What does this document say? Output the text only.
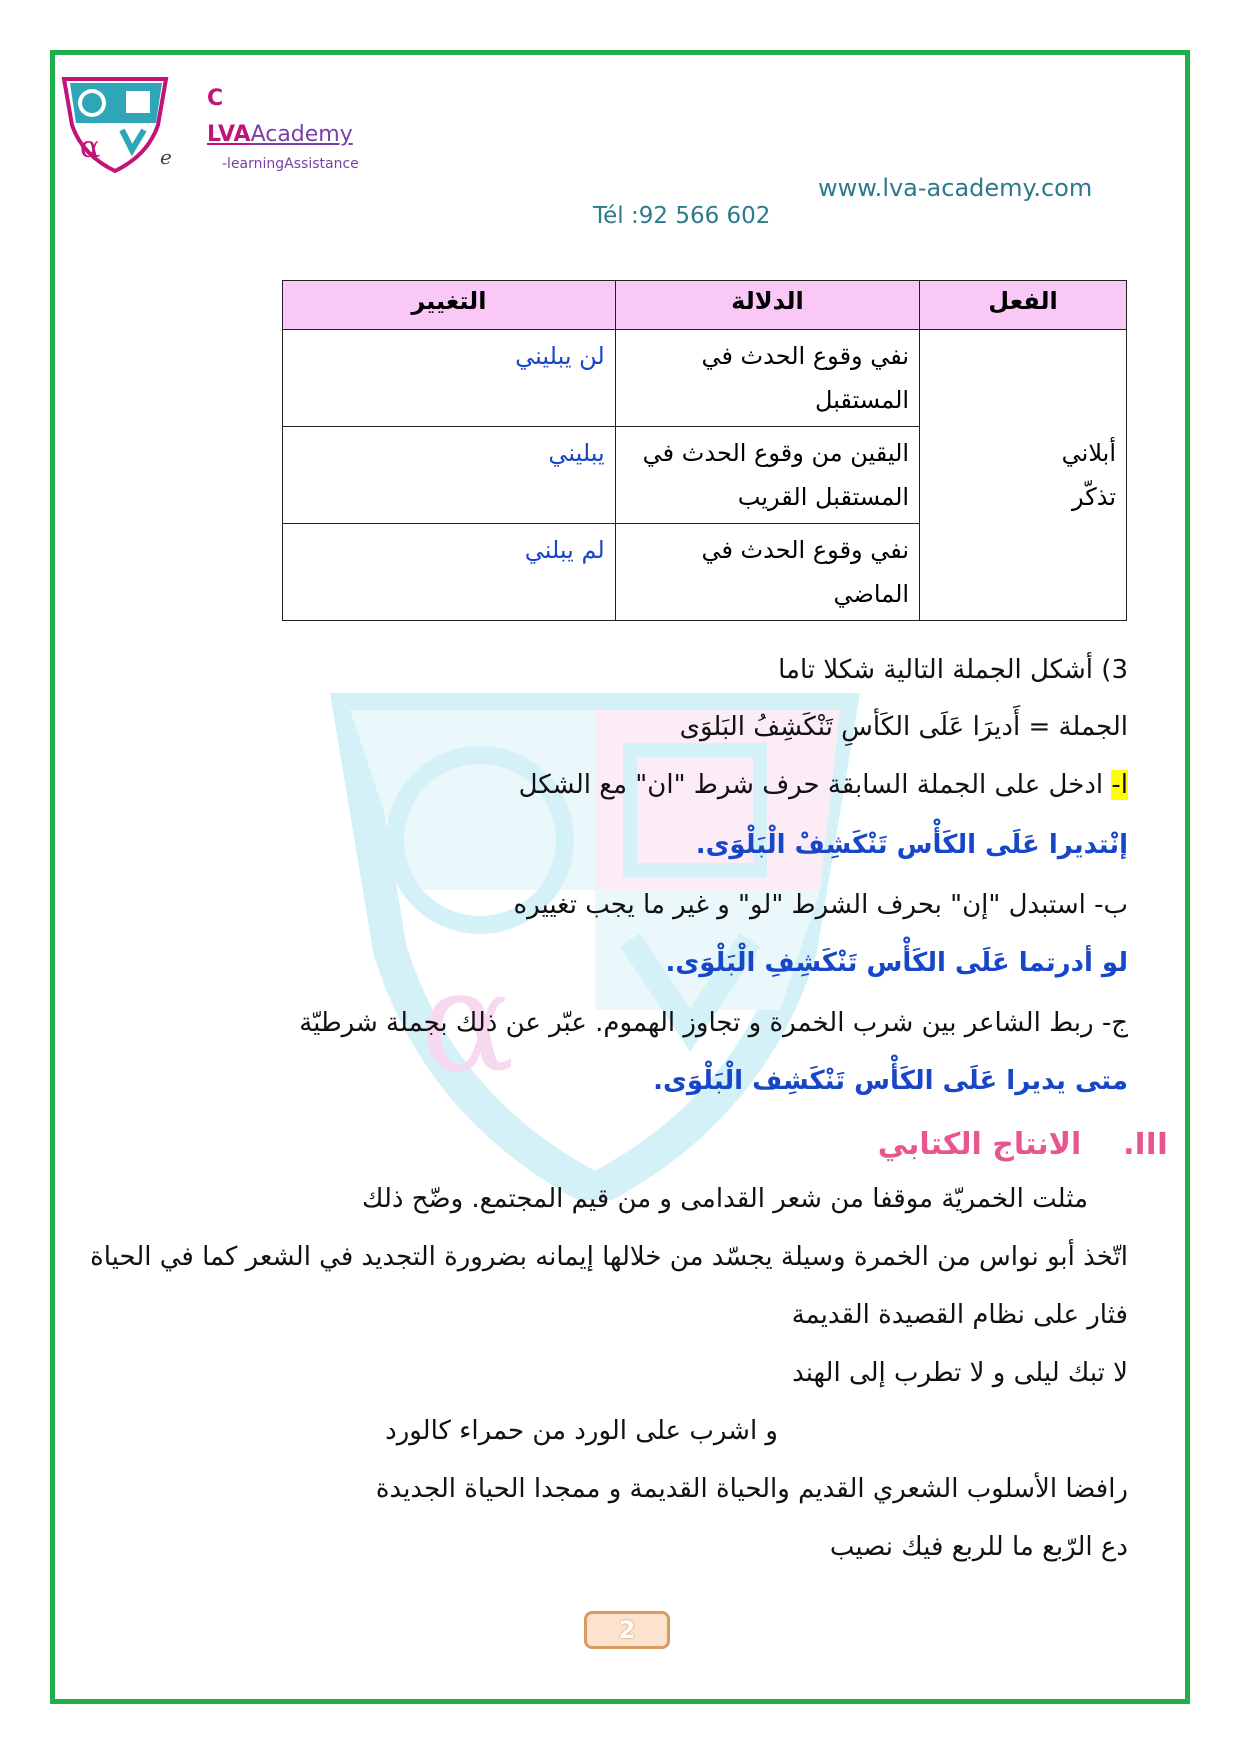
α
α	e
C
LVAAcademy
-learningAssistance
www.lva-academy.com
Tél :92 566 602
الفعل	الدلالة	التغيير

أبلاني
تذكّر	نفي وقوع الحدث في المستقبل	لن يبليني
	اليقين من وقوع الحدث في المستقبل القريب	يبليني
	نفي وقوع الحدث في الماضي	لم يبلني
3) أشكل الجملة التالية شكلا تاما
الجملة = أَديرَا عَلَى الكَأسِ تَنْكَشِفُ البَلوَى
ا- ادخل على الجملة السابقة حرف شرط "ان" مع الشكل
إنْتديرا عَلَى الكَأْس تَنْكَشِفْ الْبَلْوَى.
ب- استبدل "إن" بحرف الشرط "لو" و غير ما يجب تغييره
لو أدرتما عَلَى الكَأْس تَنْكَشِفِ الْبَلْوَى.
ج- ربط الشاعر بين شرب الخمرة و تجاوز الهموم. عبّر عن ذلك بجملة شرطيّة
متى يديرا عَلَى الكَأْس تَنْكَشِف الْبَلْوَى.
III.    الانتاج الكتابي
مثلت الخمريّة موقفا من شعر القدامى و من قيم المجتمع. وضّح ذلك
اتّخذ أبو نواس من الخمرة وسيلة يجسّد من خلالها إيمانه بضرورة التجديد في الشعر كما في الحياة
فثار على نظام القصيدة القديمة
لا تبك ليلى و لا تطرب إلى الهند
و اشرب على الورد من حمراء كالورد
رافضا الأسلوب الشعري القديم والحياة القديمة و ممجدا الحياة الجديدة
دع الرّبع ما للربع فيك نصيب
2
